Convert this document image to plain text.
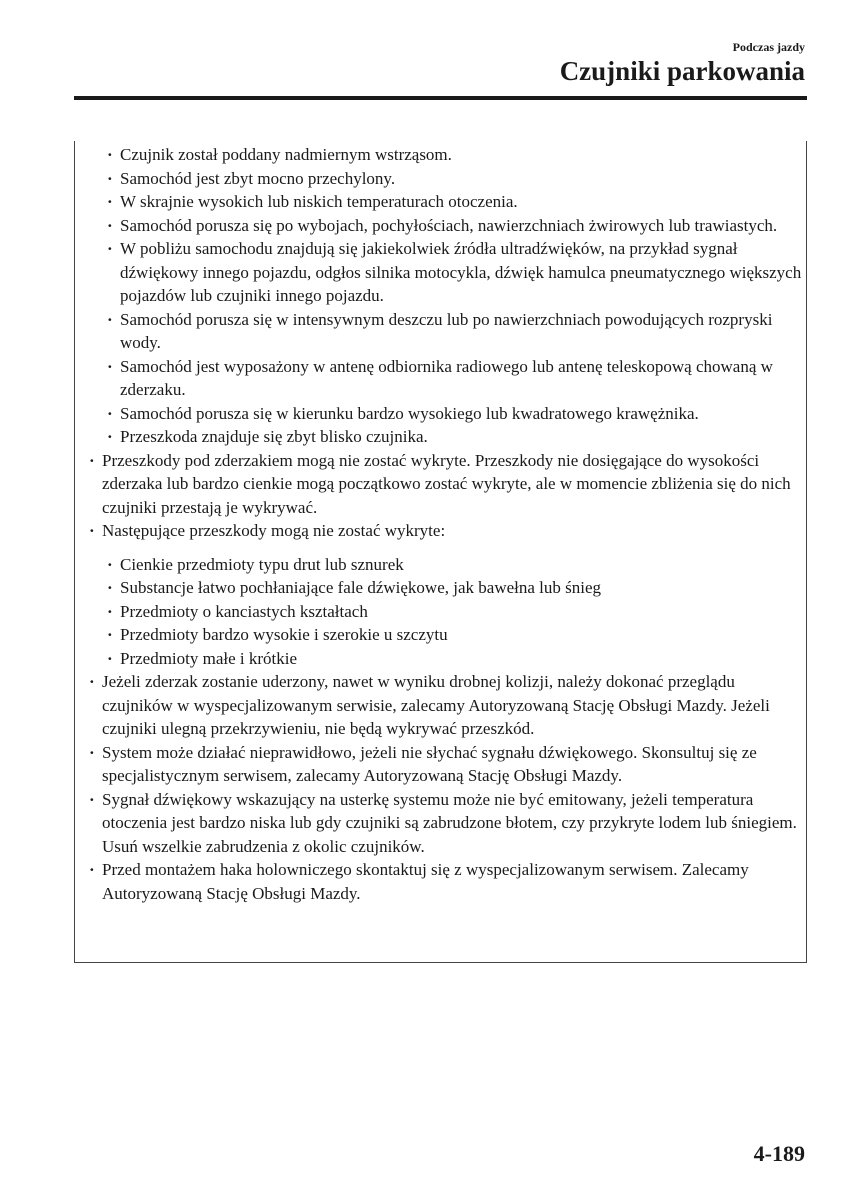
Podczas jazdy
Czujniki parkowania
· Czujnik został poddany nadmiernym wstrząsom.
· Samochód jest zbyt mocno przechylony.
· W skrajnie wysokich lub niskich temperaturach otoczenia.
· Samochód porusza się po wybojach, pochyłościach, nawierzchniach żwirowych lub trawiastych.
· W pobliżu samochodu znajdują się jakiekolwiek źródła ultradźwięków, na przykład sygnał dźwiękowy innego pojazdu, odgłos silnika motocykla, dźwięk hamulca pneumatycznego większych pojazdów lub czujniki innego pojazdu.
· Samochód porusza się w intensywnym deszczu lub po nawierzchniach powodujących rozpryski wody.
· Samochód jest wyposażony w antenę odbiornika radiowego lub antenę teleskopową chowaną w zderzaku.
· Samochód porusza się w kierunku bardzo wysokiego lub kwadratowego krawężnika.
· Przeszkoda znajduje się zbyt blisko czujnika.
· Przeszkody pod zderzakiem mogą nie zostać wykryte. Przeszkody nie dosięgające do wysokości zderzaka lub bardzo cienkie mogą początkowo zostać wykryte, ale w momencie zbliżenia się do nich czujniki przestają je wykrywać.
· Następujące przeszkody mogą nie zostać wykryte:
· Cienkie przedmioty typu drut lub sznurek
· Substancje łatwo pochłaniające fale dźwiękowe, jak bawełna lub śnieg
· Przedmioty o kanciastych kształtach
· Przedmioty bardzo wysokie i szerokie u szczytu
· Przedmioty małe i krótkie
· Jeżeli zderzak zostanie uderzony, nawet w wyniku drobnej kolizji, należy dokonać przeglądu czujników w wyspecjalizowanym serwisie, zalecamy Autoryzowaną Stację Obsługi Mazdy. Jeżeli czujniki ulegną przekrzywieniu, nie będą wykrywać przeszkód.
· System może działać nieprawidłowo, jeżeli nie słychać sygnału dźwiękowego. Skonsultuj się ze specjalistycznym serwisem, zalecamy Autoryzowaną Stację Obsługi Mazdy.
· Sygnał dźwiękowy wskazujący na usterkę systemu może nie być emitowany, jeżeli temperatura otoczenia jest bardzo niska lub gdy czujniki są zabrudzone błotem, czy przykryte lodem lub śniegiem. Usuń wszelkie zabrudzenia z okolic czujników.
· Przed montażem haka holowniczego skontaktuj się z wyspecjalizowanym serwisem. Zalecamy Autoryzowaną Stację Obsługi Mazdy.
4-189
